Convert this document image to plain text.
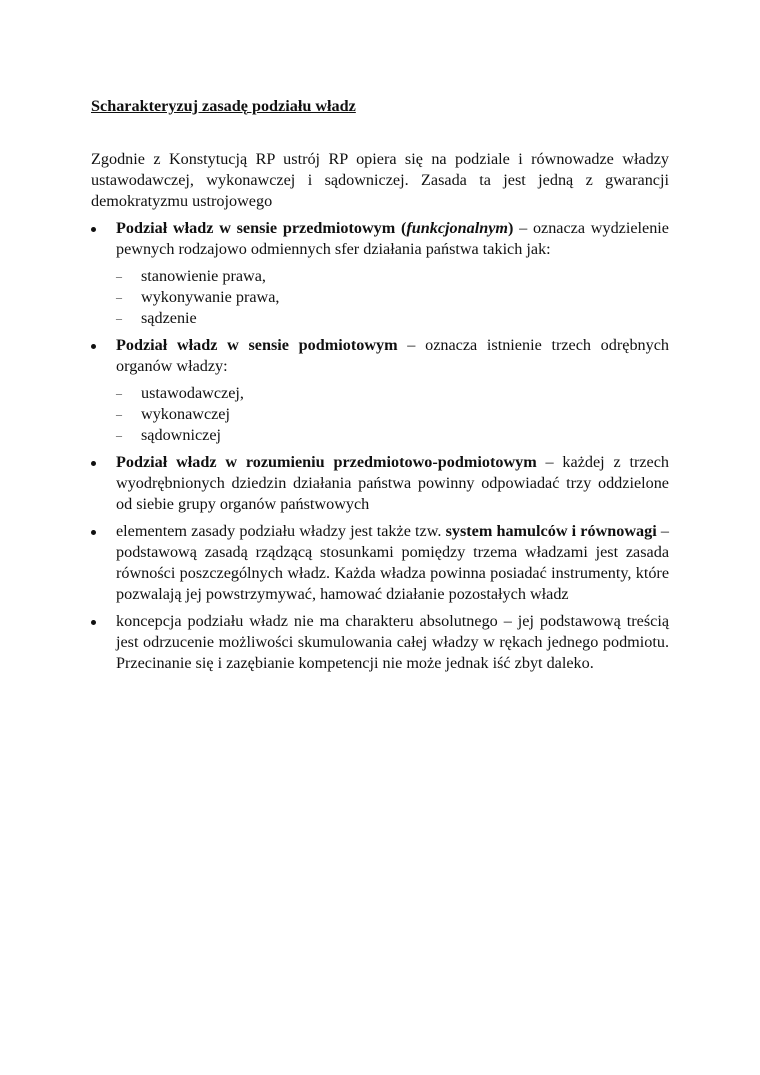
Scharakteryzuj zasadę podziału władz

Zgodnie z Konstytucją RP ustrój RP opiera się na podziale i równowadze władzy ustawodawczej, wykonawczej i sądowniczej. Zasada ta jest jedną z gwarancji demokratyzmu ustrojowego

Podział władz w sensie przedmiotowym (funkcjonalnym) – oznacza wydzielenie pewnych rodzajowo odmiennych sfer działania państwa takich jak:
– stanowienie prawa,
– wykonywanie prawa,
– sądzenie
Podział władz w sensie podmiotowym – oznacza istnienie trzech odrębnych organów władzy:
– ustawodawczej,
– wykonawczej
– sądowniczej
Podział władz w rozumieniu przedmiotowo-podmiotowym – każdej z trzech wyodrębnionych dziedzin działania państwa powinny odpowiadać trzy oddzielone od siebie grupy organów państwowych
elementem zasady podziału władzy jest także tzw. system hamulców i równowagi – podstawową zasadą rządzącą stosunkami pomiędzy trzema władzami jest zasada równości poszczególnych władz. Każda władza powinna posiadać instrumenty, które pozwalają jej powstrzymywać, hamować działanie pozostałych władz
koncepcja podziału władz nie ma charakteru absolutnego – jej podstawową treścią jest odrzucenie możliwości skumulowania całej władzy w rękach jednego podmiotu. Przecinanie się i zazębianie kompetencji nie może jednak iść zbyt daleko.
